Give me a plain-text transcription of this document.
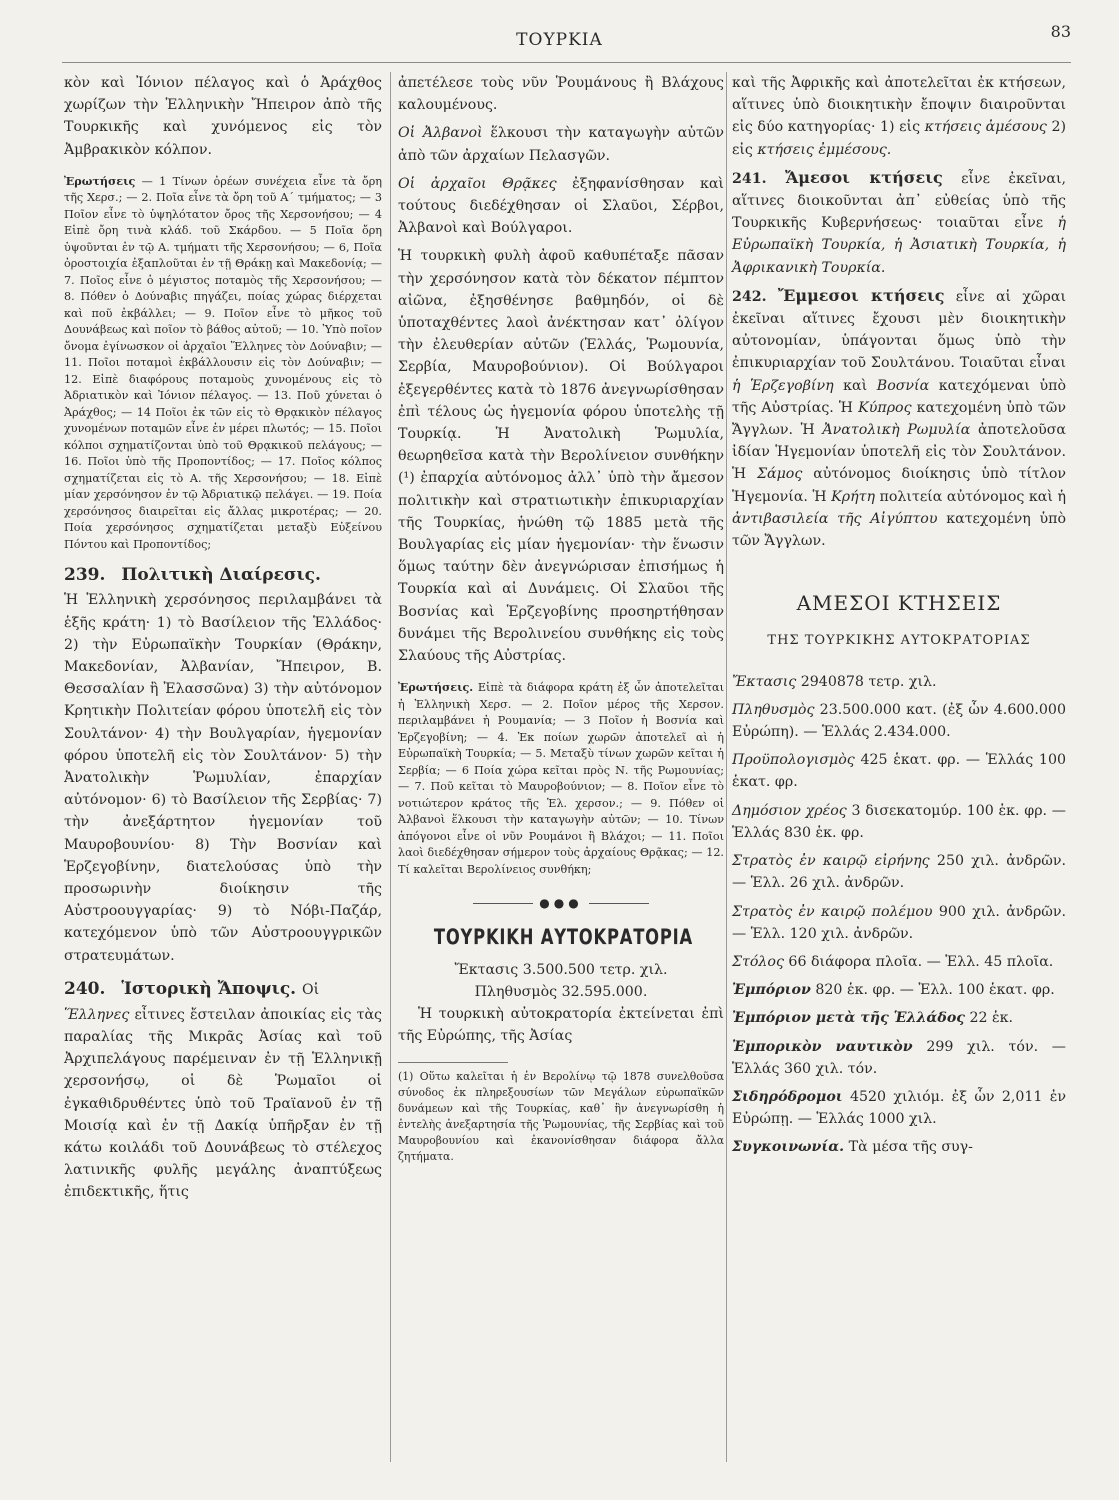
ΤΟΥΡΚΙΑ	83

κὸν καὶ Ἰόνιον πέλαγος καὶ ὁ Ἀράχθος χωρίζων τὴν Ἑλληνικὴν Ἤπειρον ἀπὸ τῆς Τουρκικῆς καὶ χυνόμενος εἰς τὸν Ἀμβρακικὸν κόλπον.

Ἐρωτήσεις — 1 Τίνων ὀρέων συνέχεια εἶνε τὰ ὄρη τῆς Χερσ.; — 2. Ποῖα εἶνε τὰ ὄρη τοῦ Α΄ τμήματος; — 3 Ποῖον εἶνε τὸ ὑψηλότατον ὄρος τῆς Χερσονήσου; — 4 Εἰπὲ ὄρη τινὰ κλάδ. τοῦ Σκάρδου. — 5 Ποῖα ὄρη ὑψοῦνται ἐν τῷ Α. τμήματι τῆς Χερσονήσου; — 6, Ποῖα ὀροστοιχία ἐξαπλοῦται ἐν τῇ Θράκῃ καὶ Μακεδονίᾳ; — 7. Ποῖος εἶνε ὁ μέγιστος ποταμὸς τῆς Χερσονήσου; — 8. Πόθεν ὁ Δούναβις πηγάζει, ποίας χώρας διέρχεται καὶ ποῦ ἐκβάλλει; — 9. Ποῖον εἶνε τὸ μῆκος τοῦ Δουνάβεως καὶ ποῖον τὸ βάθος αὐτοῦ; — 10. Ὑπὸ ποῖον ὄνομα ἐγίνωσκον οἱ ἀρχαῖοι Ἕλληνες τὸν Δούναβιν; — 11. Ποῖοι ποταμοὶ ἐκβάλλουσιν εἰς τὸν Δούναβιν; — 12. Εἰπὲ διαφόρους ποταμοὺς χυνομένους εἰς τὸ Ἀδριατικὸν καὶ Ἰόνιον πέλαγος. — 13. Ποῦ χύνεται ὁ Ἀράχθος; — 14 Ποῖοι ἐκ τῶν εἰς τὸ Θρᾳκικὸν πέλαγος χυνομένων ποταμῶν εἶνε ἐν μέρει πλωτός; — 15. Ποῖοι κόλποι σχηματίζονται ὑπὸ τοῦ Θρᾳκικοῦ πελάγους; — 16. Ποῖοι ὑπὸ τῆς Προποντίδος; — 17. Ποῖος κόλπος σχηματίζεται εἰς τὸ Α. τῆς Χερσονήσου; — 18. Εἰπὲ μίαν χερσόνησον ἐν τῷ Ἀδριατικῷ πελάγει. — 19. Ποία χερσόνησος διαιρεῖται εἰς ἄλλας μικροτέρας; — 20. Ποία χερσόνησος σχηματίζεται μεταξὺ Εὐξείνου Πόντου καὶ Προποντίδος;

239. Πολιτικὴ Διαίρεσις.

Ἡ Ἑλληνικὴ χερσόνησος περιλαμβάνει τὰ ἑξῆς κράτη· 1) τὸ Βασίλειον τῆς Ἑλλάδος· 2) τὴν Εὐρωπαϊκὴν Τουρκίαν (Θράκην, Μακεδονίαν, Ἀλβανίαν, Ἤπειρον, Β. Θεσσαλίαν ἢ Ἐλασσῶνα) 3) τὴν αὐτόνομον Κρητικὴν Πολιτείαν φόρου ὑποτελῆ εἰς τὸν Σουλτάνον· 4) τὴν Βουλγαρίαν, ἡγεμονίαν φόρου ὑποτελῆ εἰς τὸν Σουλτάνον· 5) τὴν Ἀνατολικὴν Ῥωμυλίαν, ἐπαρχίαν αὐτόνομον· 6) τὸ Βασίλειον τῆς Σερβίας· 7) τὴν ἀνεξάρτητον ἡγεμονίαν τοῦ Μαυροβουνίου· 8) Τὴν Βοσνίαν καὶ Ἑρζεγοβίνην, διατελούσας ὑπὸ τὴν προσωρινὴν διοίκησιν τῆς Αὐστροουγγαρίας· 9) τὸ Νόβι-Παζάρ, κατεχόμενον ὑπὸ τῶν Αὐστροουγγρικῶν στρατευμάτων.

240. Ἱστορικὴ Ἄποψις. Οἱ

Ἕλληνες εἶτινες ἔστειλαν ἀποικίας εἰς τὰς παραλίας τῆς Μικρᾶς Ἀσίας καὶ τοῦ Ἀρχιπελάγους παρέμειναν ἐν τῇ Ἑλληνικῇ χερσονήσῳ, οἱ δὲ Ῥωμαῖοι οἱ ἐγκαθιδρυθέντες ὑπὸ τοῦ Τραϊανοῦ ἐν τῇ Μοισίᾳ καὶ ἐν τῇ Δακίᾳ ὑπῆρξαν ἐν τῇ κάτω κοιλάδι τοῦ Δουνάβεως τὸ στέλεχος λατινικῆς φυλῆς μεγάλης ἀναπτύξεως ἐπιδεκτικῆς, ἥτις

ἀπετέλεσε τοὺς νῦν Ῥουμάνους ἢ Βλάχους καλουμένους.

Οἱ Ἀλβανοὶ ἕλκουσι τὴν καταγωγὴν αὐτῶν ἀπὸ τῶν ἀρχαίων Πελασγῶν.

Οἱ ἀρχαῖοι Θρᾷκες ἐξηφανίσθησαν καὶ τούτους διεδέχθησαν οἱ Σλαῦοι, Σέρβοι, Ἀλβανοὶ καὶ Βούλγαροι.

Ἡ τουρκικὴ φυλὴ ἀφοῦ καθυπέταξε πᾶσαν τὴν χερσόνησον κατὰ τὸν δέκατον πέμπτον αἰῶνα, ἐξησθένησε βαθμηδόν, οἱ δὲ ὑποταχθέντες λαοὶ ἀνέκτησαν κατ᾽ ὀλίγον τὴν ἐλευθερίαν αὐτῶν (Ἑλλάς, Ῥωμουνία, Σερβία, Μαυροβούνιον). Οἱ Βούλγαροι ἐξεγερθέντες κατὰ τὸ 1876 ἀνεγνωρίσθησαν ἐπὶ τέλους ὡς ἡγεμονία φόρου ὑποτελὴς τῇ Τουρκίᾳ. Ἡ Ἀνατολικὴ Ῥωμυλία, θεωρηθεῖσα κατὰ τὴν Βερολίνειον συνθήκην (¹) ἐπαρχία αὐτόνομος ἀλλ᾽ ὑπὸ τὴν ἄμεσον πολιτικὴν καὶ στρατιωτικὴν ἐπικυριαρχίαν τῆς Τουρκίας, ἡνώθη τῷ 1885 μετὰ τῆς Βουλγαρίας εἰς μίαν ἡγεμονίαν· τὴν ἕνωσιν ὅμως ταύτην δὲν ἀνεγνώρισαν ἐπισήμως ἡ Τουρκία καὶ αἱ Δυνάμεις. Οἱ Σλαῦοι τῆς Βοσνίας καὶ Ἑρζεγοβίνης προσηρτήθησαν δυνάμει τῆς Βερολινείου συνθήκης εἰς τοὺς Σλαύους τῆς Αὐστρίας.

Ἐρωτήσεις. Εἰπὲ τὰ διάφορα κράτη ἐξ ὧν ἀποτελεῖται ἡ Ἑλληνικὴ Χερσ. — 2. Ποῖον μέρος τῆς Χερσον. περιλαμβάνει ἡ Ρουμανία; — 3 Ποῖον ἡ Βοσνία καὶ Ἑρζεγοβίνη; — 4. Ἐκ ποίων χωρῶν ἀποτελεῖ αὶ ἡ Εὐρωπαϊκὴ Τουρκία; — 5. Μεταξὺ τίνων χωρῶν κεῖται ἡ Σερβία; — 6 Ποία χώρα κεῖται πρὸς Ν. τῆς Ρωμουνίας; — 7. Ποῦ κεῖται τὸ Μαυροβούνιον; — 8. Ποῖον εἶνε τὸ νοτιώτερον κράτος τῆς Ἑλ. χερσον.; — 9. Πόθεν οἱ Ἀλβανοὶ ἕλκουσι τὴν καταγωγὴν αὐτῶν; — 10. Τίνων ἀπόγονοι εἶνε οἱ νῦν Ρουμάνοι ἢ Βλάχοι; — 11. Ποῖοι λαοὶ διεδέχθησαν σήμερον τοὺς ἀρχαίους Θρᾷκας; — 12. Τί καλεῖται Βερολίνειος συνθήκη;

●●●
ΤΟΥΡΚΙΚΗ ΑΥΤΟΚΡΑΤΟΡΙΑ

Ἔκτασις 3.500.500 τετρ. χιλ.

Πληθυσμὸς 32.595.000.

Ἡ τουρκικὴ αὐτοκρατορία ἐκτείνεται ἐπὶ τῆς Εὐρώπης, τῆς Ἀσίας

(1) Οὕτω καλεῖται ἡ ἐν Βερολίνῳ τῷ 1878 συνελθοῦσα σύνοδος ἐκ πληρεξουσίων τῶν Μεγάλων εὐρωπαϊκῶν δυνάμεων καὶ τῆς Τουρκίας, καθ᾽ ἣν ἀνεγνωρίσθη ἡ ἐντελὴς ἀνεξαρτησία τῆς Ῥωμουνίας, τῆς Σερβίας καὶ τοῦ Μαυροβουνίου καὶ ἐκανονίσθησαν διάφορα ἄλλα ζητήματα.

καὶ τῆς Ἀφρικῆς καὶ ἀποτελεῖται ἐκ κτήσεων, αἵτινες ὑπὸ διοικητικὴν ἔποψιν διαιροῦνται εἰς δύο κατηγορίας· 1) εἰς κτήσεις ἀμέσους 2) εἰς κτήσεις ἐμμέσους.

241. Ἄμεσοι κτήσεις εἶνε ἐκεῖναι, αἵτινες διοικοῦνται ἀπ᾽ εὐθείας ὑπὸ τῆς Τουρκικῆς Κυβερνήσεως· τοιαῦται εἶνε ἡ Εὐρωπαϊκὴ Τουρκία, ἡ Ἀσιατικὴ Τουρκία, ἡ Ἀφρικανικὴ Τουρκία.

242. Ἔμμεσοι κτήσεις εἶνε αἱ χῶραι ἐκεῖναι αἵτινες ἔχουσι μὲν διοικητικὴν αὐτονομίαν, ὑπάγονται ὅμως ὑπὸ τὴν ἐπικυριαρχίαν τοῦ Σουλτάνου. Τοιαῦται εἶναι ἡ Ἑρζεγοβίνη καὶ Βοσνία κατεχόμεναι ὑπὸ τῆς Αὐστρίας. Ἡ Κύπρος κατεχομένη ὑπὸ τῶν Ἄγγλων. Ἡ Ἀνατολικὴ Ρωμυλία ἀποτελοῦσα ἰδίαν Ἡγεμονίαν ὑποτελῆ εἰς τὸν Σουλτάνον. Ἡ Σάμος αὐτόνομος διοίκησις ὑπὸ τίτλον Ἡγεμονία. Ἡ Κρήτη πολιτεία αὐτόνομος καὶ ἡ ἀντιβασιλεία τῆς Αἰγύπτου κατεχομένη ὑπὸ τῶν Ἄγγλων.

ΑΜΕΣΟΙ ΚΤΗΣΕΙΣ
ΤΗΣ ΤΟΥΡΚΙΚΗΣ ΑΥΤΟΚΡΑΤΟΡΙΑΣ

Ἔκτασις 2940878 τετρ. χιλ.

Πληθυσμὸς 23.500.000 κατ. (ἐξ ὧν 4.600.000 Εὐρώπη). — Ἑλλάς 2.434.000.

Προϋπολογισμὸς 425 ἑκατ. φρ. — Ἑλλάς 100 ἑκατ. φρ.

Δημόσιον χρέος 3 δισεκατομύρ. 100 ἑκ. φρ. — Ἑλλάς 830 ἑκ. φρ.

Στρατὸς ἐν καιρῷ εἰρήνης 250 χιλ. ἀνδρῶν. — Ἑλλ. 26 χιλ. ἀνδρῶν.

Στρατὸς ἐν καιρῷ πολέμου 900 χιλ. ἀνδρῶν. — Ἑλλ. 120 χιλ. ἀνδρῶν.

Στόλος 66 διάφορα πλοῖα. — Ἑλλ. 45 πλοῖα.

Ἐμπόριον 820 ἑκ. φρ. — Ἑλλ. 100 ἑκατ. φρ.

Ἐμπόριον μετὰ τῆς Ἑλλάδος 22 ἑκ.

Ἐμπορικὸν ναυτικὸν 299 χιλ. τόν. — Ἑλλάς 360 χιλ. τόν.

Σιδηρόδρομοι 4520 χιλιόμ. ἐξ ὧν 2,011 ἐν Εὐρώπῃ. — Ἑλλάς 1000 χιλ.

Συγκοινωνία. Τὰ μέσα τῆς συγ-
